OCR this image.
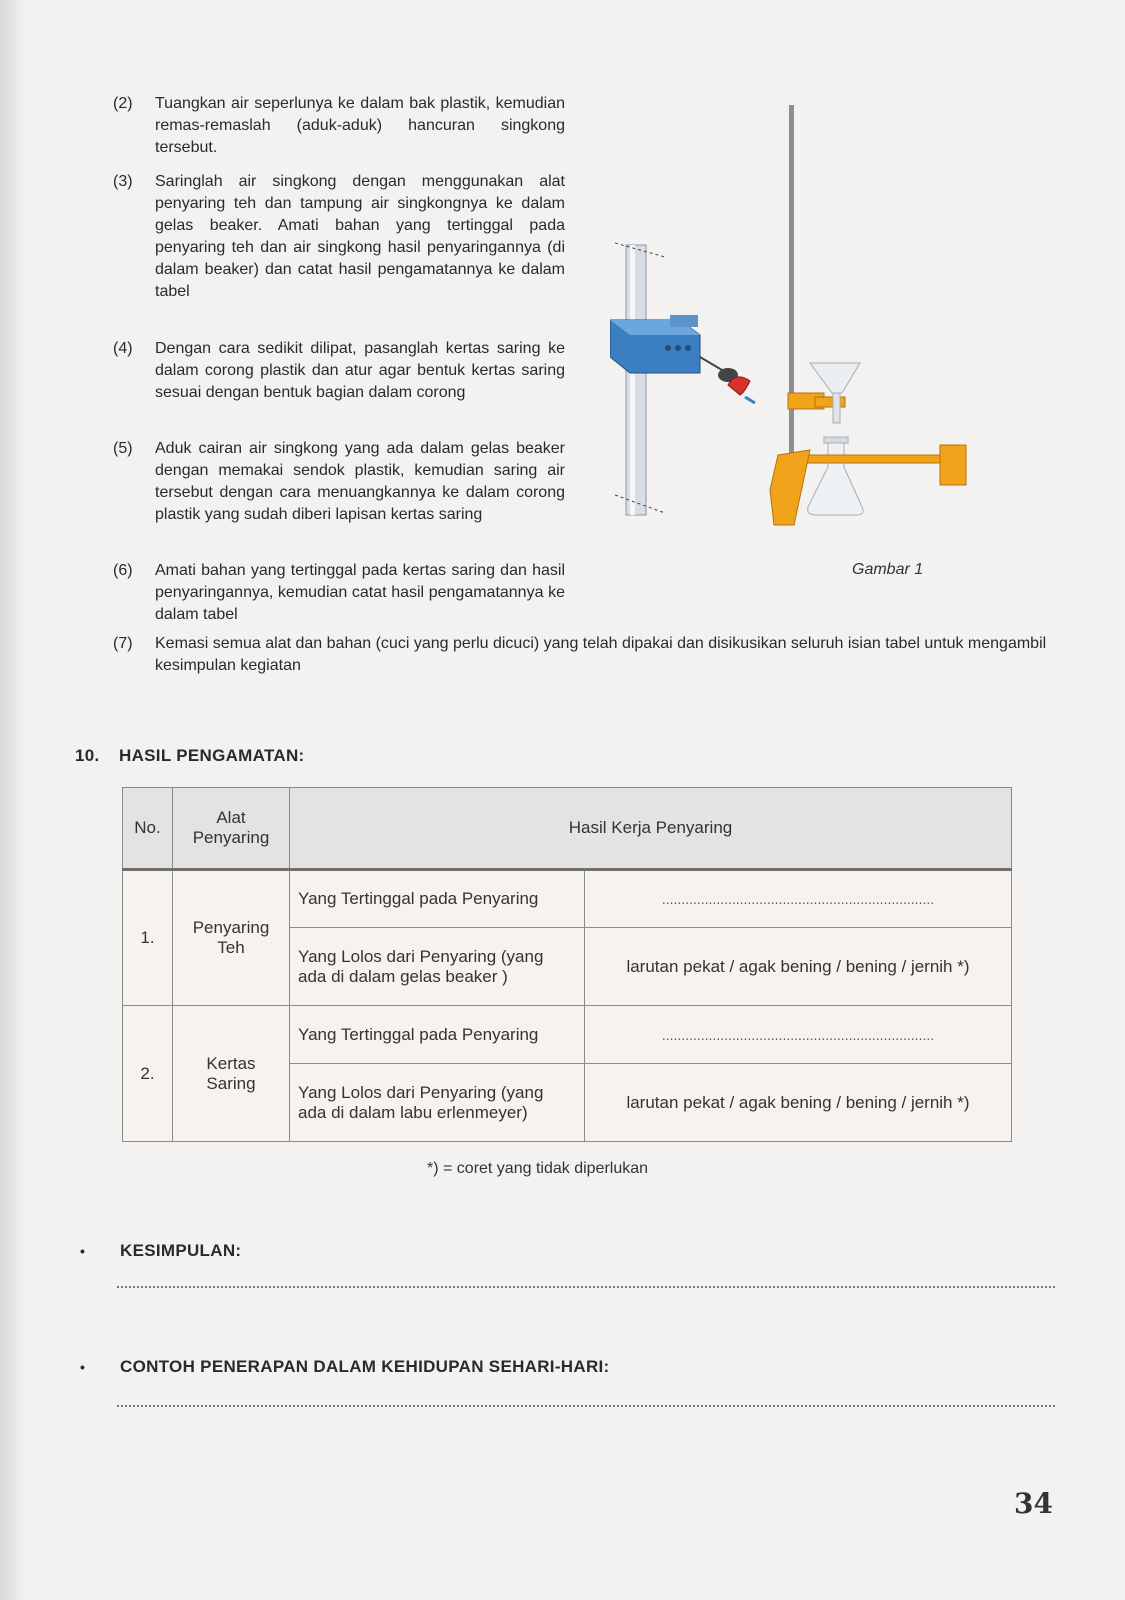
(2) Tuangkan air seperlunya ke dalam bak plastik, kemudian remas-remaslah (aduk-aduk) hancuran singkong tersebut.
(3) Saringlah air singkong dengan menggunakan alat penyaring teh dan tampung air singkongnya ke dalam gelas beaker. Amati bahan yang tertinggal pada penyaring teh dan air singkong hasil penyaringannya (di dalam beaker) dan catat hasil pengamatannya ke dalam tabel
(4) Dengan cara sedikit dilipat, pasanglah kertas saring ke dalam corong plastik dan atur agar bentuk kertas saring sesuai dengan bentuk bagian dalam corong
(5) Aduk cairan air singkong yang ada dalam gelas beaker dengan memakai sendok plastik, kemudian saring air tersebut dengan cara menuangkannya ke dalam corong plastik yang sudah diberi lapisan kertas saring
(6) Amati bahan yang tertinggal pada kertas saring dan hasil penyaringannya, kemudian catat hasil pengamatannya ke dalam tabel
(7) Kemasi semua alat dan bahan (cuci yang perlu dicuci) yang telah dipakai dan disikusikan seluruh isian tabel untuk mengambil kesimpulan kegiatan
Gambar 1
10. HASIL PENGAMATAN:
No.	Alat Penyaring	Hasil Kerja Penyaring	
1.	Penyaring Teh	Yang Tertinggal pada Penyaring	......................................................................
		Yang Lolos dari Penyaring (yang ada di dalam gelas beaker )	larutan pekat / agak bening / bening / jernih *)
2.	Kertas Saring	Yang Tertinggal pada Penyaring	......................................................................
		Yang Lolos dari Penyaring (yang ada di dalam labu erlenmeyer)	larutan pekat / agak bening / bening / jernih *)
*) = coret yang tidak diperlukan
• KESIMPULAN:
• CONTOH PENERAPAN DALAM KEHIDUPAN SEHARI-HARI:
34
